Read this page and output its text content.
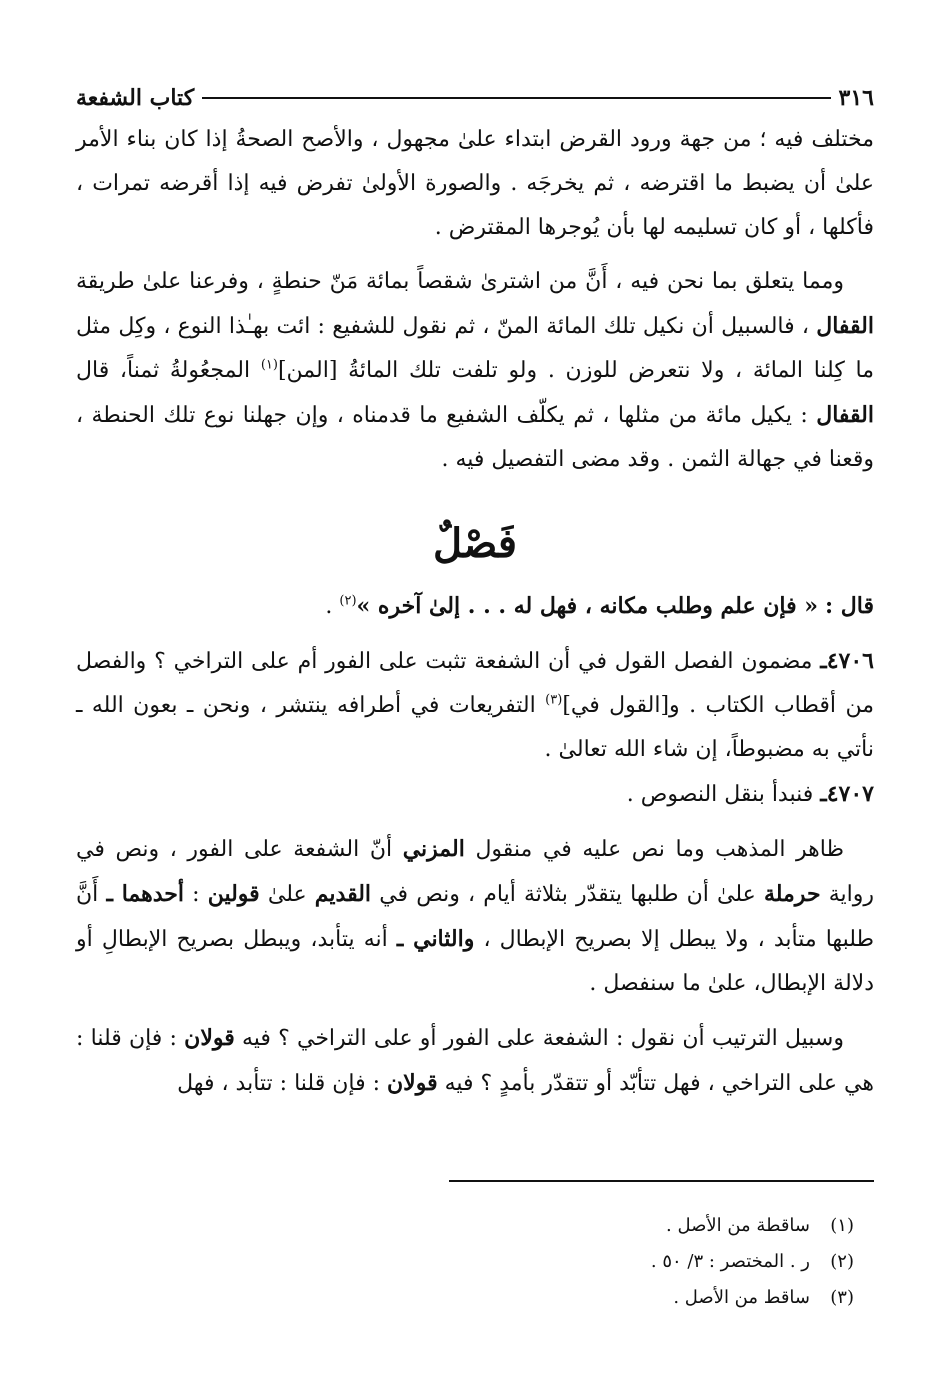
٣١٦
كتاب الشفعة

مختلف فيه ؛ من جهة ورود القرض ابتداء علىٰ مجهول ، والأصح الصحةُ إذا كان بناء الأمر علىٰ أن يضبط ما اقترضه ، ثم يخرجَه . والصورة الأولىٰ تفرض فيه إذا أقرضه تمرات ، فأكلها ، أو كان تسليمه لها بأن يُوجرها المقترض .

ومما يتعلق بما نحن فيه ، أَنَّ من اشترىٰ شقصاً بمائة مَنّ حنطةٍ ، وفرعنا علىٰ طريقة القفال ، فالسبيل أن نكيل تلك المائة المنّ ، ثم نقول للشفيع : ائت بهـٰذا النوع ، وكِل مثل ما كِلنا المائة ، ولا نتعرض للوزن . ولو تلفت تلك المائةُ [المن]$^{(١)}$ المجعُولةُ ثمناً، قال القفال : يكيل مائة من مثلها ، ثم يكلّف الشفيع ما قدمناه ، وإن جهلنا نوع تلك الحنطة ، وقعنا في جهالة الثمن . وقد مضى التفصيل فيه .

فَصْلٌ

قال : « فإن علم وطلب مكانه ، فهل له . . . إلىٰ آخره »$^{(٢)}$ .

٤٧٠٦ـ مضمون الفصل القول في أن الشفعة تثبت على الفور أم على التراخي ؟ والفصل من أقطاب الكتاب . و[القول في]$^{(٣)}$ التفريعات في أطرافه ينتشر ، ونحن ـ بعون الله ـ نأتي به مضبوطاً، إن شاء الله تعالىٰ .

٤٧٠٧ـ فنبدأ بنقل النصوص .

ظاهر المذهب وما نص عليه في منقول المزني أنّ الشفعة على الفور ، ونص في رواية حرملة علىٰ أن طلبها يتقدّر بثلاثة أيام ، ونص في القديم علىٰ قولين : أحدهما ـ أَنَّ طلبها متأبد ، ولا يبطل إلا بصريح الإبطال ، والثاني ـ أنه يتأبد، ويبطل بصريح الإبطالِ أو دلالة الإبطال، علىٰ ما سنفصل .

وسبيل الترتيب أن نقول : الشفعة على الفور أو على التراخي ؟ فيه قولان : فإن قلنا : هي على التراخي ، فهل تتأبّد أو تتقدّر بأمدٍ ؟ فيه قولان : فإن قلنا : تتأبد ، فهل

(١)
ساقطة من الأصل .
(٢)
ر . المختصر : ٣/ ٥٠ .
(٣)
ساقط من الأصل .
